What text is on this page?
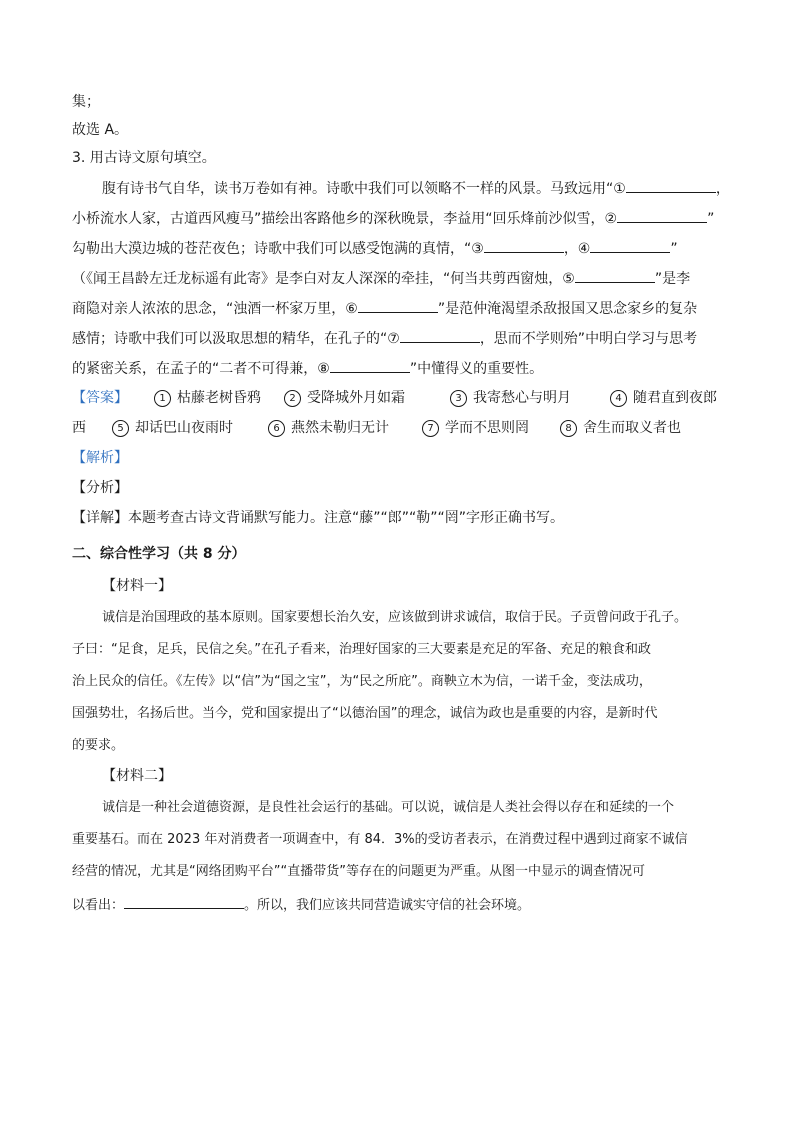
集；
故选 A。
3. 用古诗文原句填空。
腹有诗书气自华，读书万卷如有神。诗歌中我们可以领略不一样的风景。马致远用“①	，
小桥流水人家，古道西风瘦马”描绘出客路他乡的深秋晚景，李益用“回乐烽前沙似雪，②	”
勾勒出大漠边城的苍茫夜色；诗歌中我们可以感受饱满的真情，“③	，④	”
（《闻王昌龄左迁龙标遥有此寄》是李白对友人深深的牵挂，“何当共剪西窗烛，⑤	”是李
商隐对亲人浓浓的思念，“浊酒一杯家万里，⑥	”是范仲淹渴望杀敌报国又思念家乡的复杂
感情；诗歌中我们可以汲取思想的精华，在孔子的“⑦	，思而不学则殆”中明白学习与思考
的紧密关系，在孟子的“二者不可得兼，⑧	”中懂得义的重要性。
【答案】	1 枯藤老树昏鸦	2 受降城外月如霜	3 我寄愁心与明月	4 随君直到夜郎
西	5 却话巴山夜雨时	6 燕然未勒归无计	7 学而不思则罔	8 舍生而取义者也
【解析】
【分析】
【详解】本题考查古诗文背诵默写能力。注意“藤”“郎”“勒”“罔”字形正确书写。
二、综合性学习（共 8 分）
【材料一】
诚信是治国理政的基本原则。国家要想长治久安，应该做到讲求诚信，取信于民。子贡曾问政于孔子。
子曰：“足食，足兵，民信之矣。”在孔子看来，治理好国家的三大要素是充足的军备、充足的粮食和政
治上民众的信任。《左传》以“信”为“国之宝”，为“民之所庇”。商鞅立木为信，一诺千金，变法成功，
国强势壮，名扬后世。当今，党和国家提出了“以德治国”的理念，诚信为政也是重要的内容，是新时代
的要求。
【材料二】
诚信是一种社会道德资源，是良性社会运行的基础。可以说，诚信是人类社会得以存在和延续的一个
重要基石。而在 2023 年对消费者一项调查中，有 84．3%的受访者表示，在消费过程中遇到过商家不诚信
经营的情况，尤其是“网络团购平台”“直播带货”等存在的问题更为严重。从图一中显示的调查情况可
以看出：	。所以，我们应该共同营造诚实守信的社会环境。
